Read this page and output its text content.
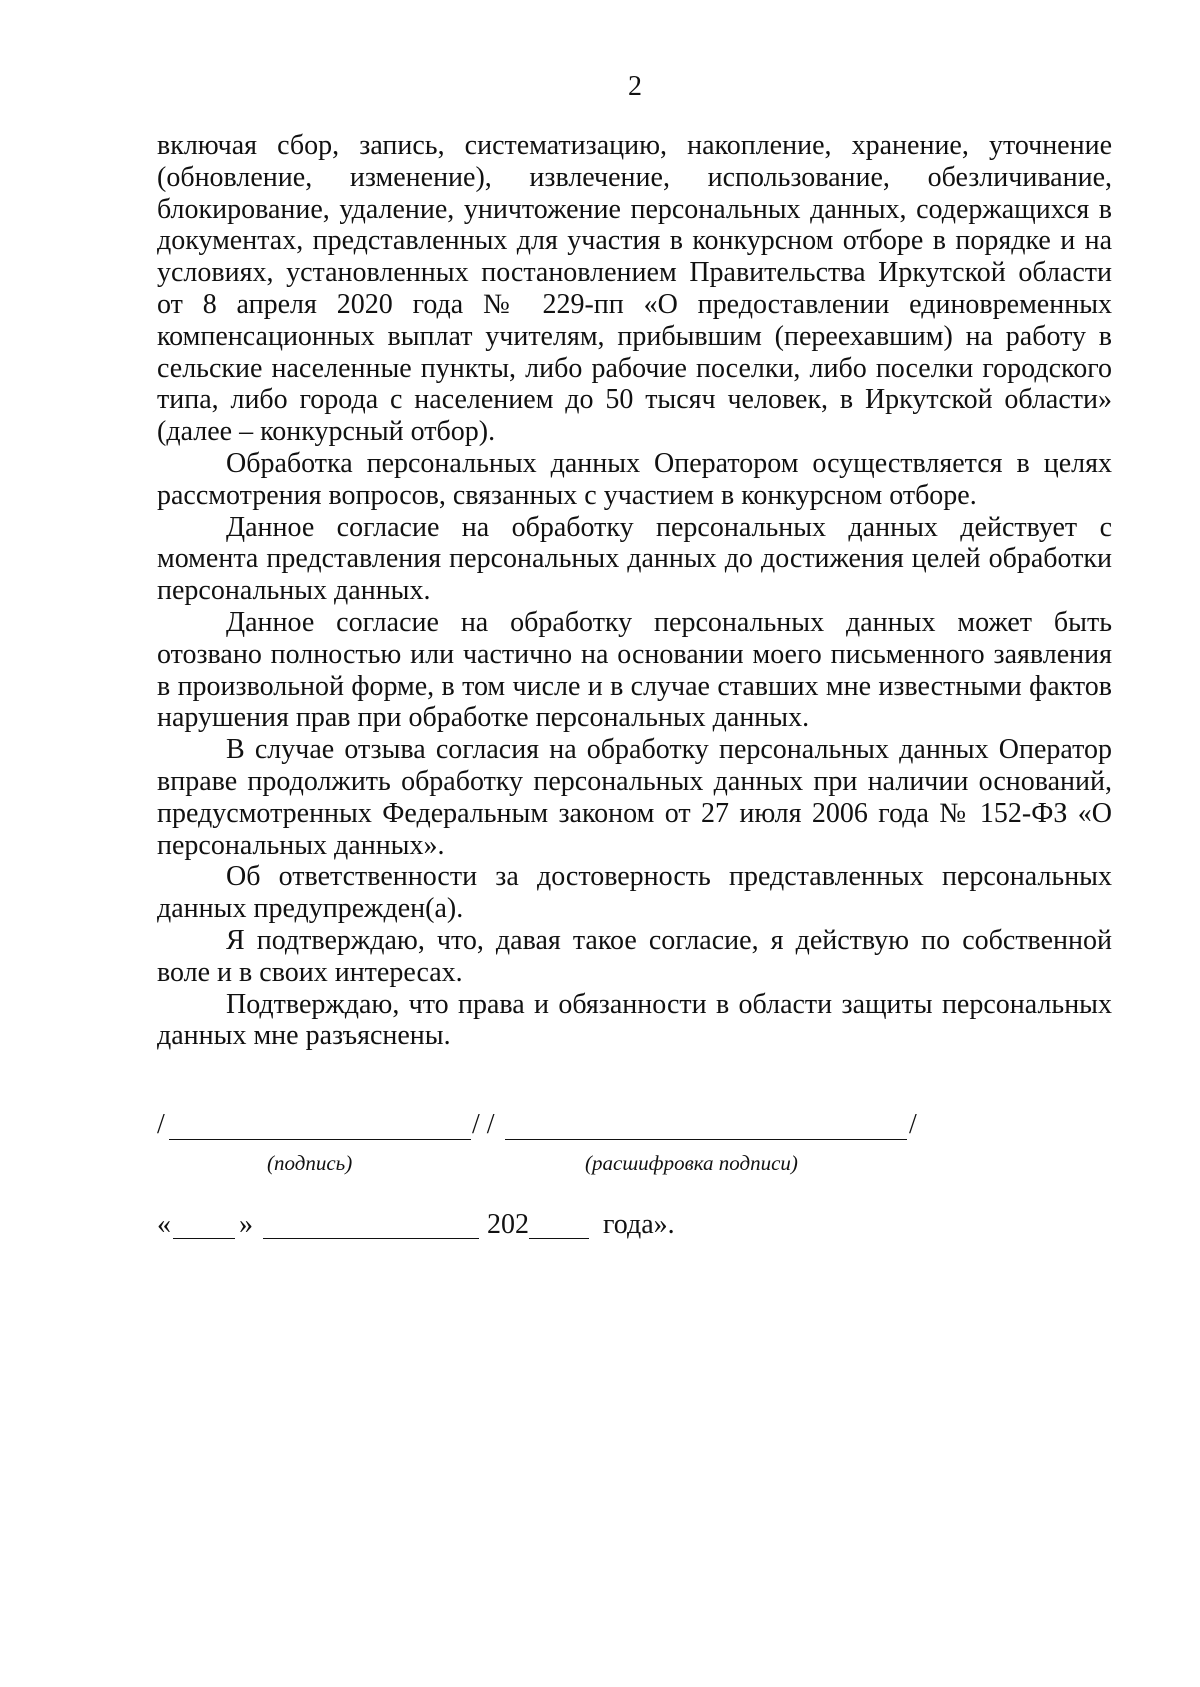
2

включая сбор, запись, систематизацию, накопление, хранение, уточнение (обновление, изменение), извлечение, использование, обезличивание, блокирование, удаление, уничтожение персональных данных, содержащихся в документах, представленных для участия в конкурсном отборе в порядке и на условиях, установленных постановлением Правительства Иркутской области от 8 апреля 2020 года № 229-пп «О предоставлении единовременных компенсационных выплат учителям, прибывшим (переехавшим) на работу в сельские населенные пункты, либо рабочие поселки, либо поселки городского типа, либо города с населением до 50 тысяч человек, в Иркутской области» (далее – конкурсный отбор).

Обработка персональных данных Оператором осуществляется в целях рассмотрения вопросов, связанных с участием в конкурсном отборе.

Данное согласие на обработку персональных данных действует с момента представления персональных данных до достижения целей обработки персональных данных.

Данное согласие на обработку персональных данных может быть отозвано полностью или частично на основании моего письменного заявления в произвольной форме, в том числе и в случае ставших мне известными фактов нарушения прав при обработке персональных данных.

В случае отзыва согласия на обработку персональных данных Оператор вправе продолжить обработку персональных данных при наличии оснований, предусмотренных Федеральным законом от 27 июля 2006 года № 152-ФЗ «О персональных данных».

Об ответственности за достоверность представленных персональных данных предупрежден(а).

Я подтверждаю, что, давая такое согласие, я действую по собственной воле и в своих интересах.

Подтверждаю, что права и обязанности в области защиты персональных данных мне разъяснены.

/	/ /	/
(подпись)	(расшифровка подписи)
« »	202	года».
